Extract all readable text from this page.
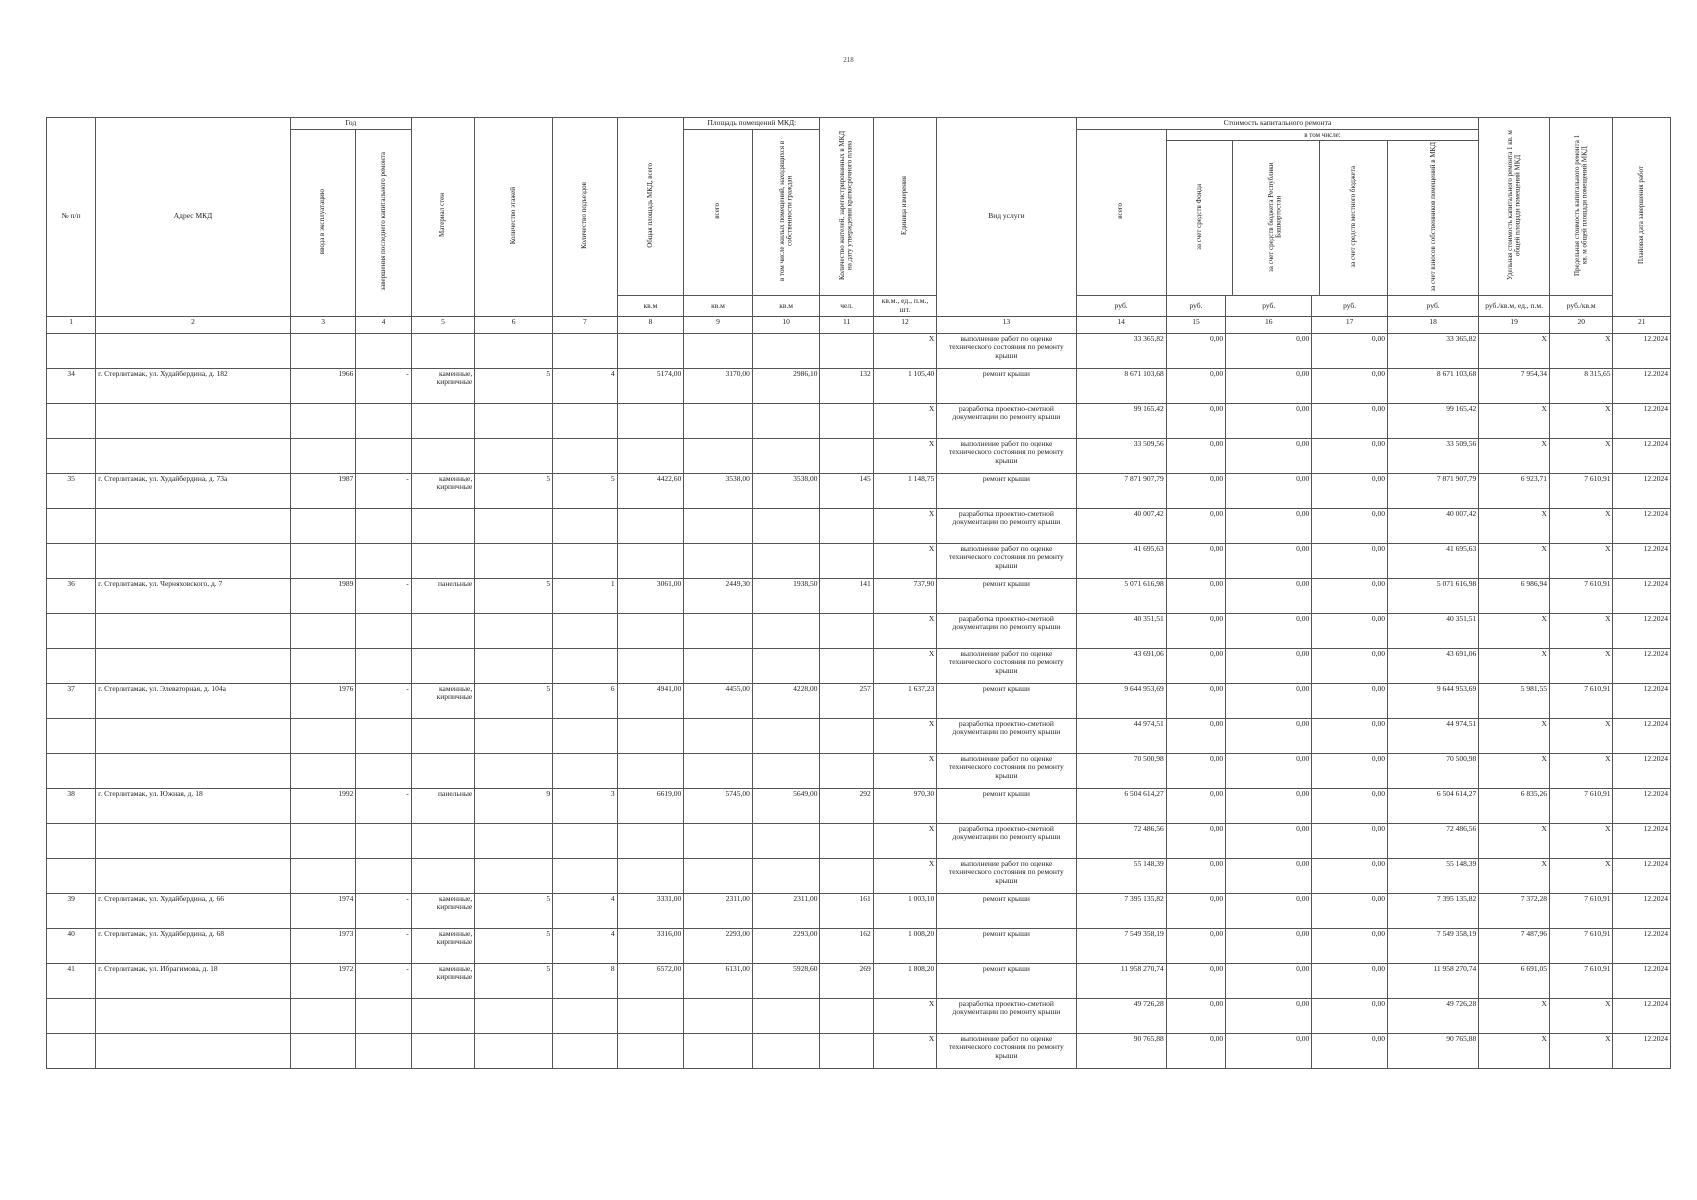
218
№ п/п	Адрес МКД	Год	Материал стен	Количество этажей	Количество подъездов	Общая площадь МКД, всего	Площадь помещений МКД:	Количество жителей, зарегистрированных в МКД на дату утверждения краткосрочного плана	Единица измерения	Вид услуги	Стоимость капитального ремонта	Удельная стоимость капитального ремонта 1 кв. м общей площади помещений МКД	Предельная стоимость капитального ремонта 1 кв. м общей площади помещений МКД	Плановая дата завершения работ
ввода в эксплуатацию	завершения последнего капитального ремонта	всего	в том числе жилых помещений, находящихся в собственности граждан	всего	
в том числе:
за счет средств Фонда	за счет средств бюджета Республики Башкортостан	за счет средств местного бюджета	за счет взносов собственников помещений в МКД

кв.м	кв.м	кв.м	чел.	кв.м., ед., п.м., шт.	руб.	руб.	руб.	руб.	руб.	руб./кв.м, ед., п.м.	руб./кв.м
1	2	3	4	5	6	7	8	9	10	11	12	13	14	15	16	17	18	19	20	21
											X	выполнение работ по оценке технического состояния по ремонту крыши	33 365,82	0,00	0,00	0,00	33 365,82	X	X	12.2024
34	г. Стерлитамак, ул. Худайбердина, д. 182	1966	-	каменные, кирпичные	5	4	5174,00	3170,00	2986,10	132	1 105,40	ремонт крыши	8 671 103,68	0,00	0,00	0,00	8 671 103,68	7 954,34	8 315,65	12.2024
											X	разработка проектно-сметной документации по ремонту крыши	99 165,42	0,00	0,00	0,00	99 165,42	X	X	12.2024
											X	выполнение работ по оценке технического состояния по ремонту крыши	33 509,56	0,00	0,00	0,00	33 509,56	X	X	12.2024
35	г. Стерлитамак, ул. Худайбердина, д. 73а	1987	-	каменные, кирпичные	5	5	4422,60	3538,00	3538,00	145	1 148,75	ремонт крыши	7 871 907,79	0,00	0,00	0,00	7 871 907,79	6 923,71	7 610,91	12.2024
											X	разработка проектно-сметной документации по ремонту крыши	40 007,42	0,00	0,00	0,00	40 007,42	X	X	12.2024
											X	выполнение работ по оценке технического состояния по ремонту крыши	41 695,63	0,00	0,00	0,00	41 695,63	X	X	12.2024
36	г. Стерлитамак, ул. Черняховского, д. 7	1989	-	панельные	5	1	3061,00	2449,30	1938,50	141	737,90	ремонт крыши	5 071 616,98	0,00	0,00	0,00	5 071 616,98	6 986,94	7 610,91	12.2024
											X	разработка проектно-сметной документации по ремонту крыши	40 351,51	0,00	0,00	0,00	40 351,51	X	X	12.2024
											X	выполнение работ по оценке технического состояния по ремонту крыши	43 691,06	0,00	0,00	0,00	43 691,06	X	X	12.2024
37	г. Стерлитамак, ул. Элеваторная, д. 104а	1976	-	каменные, кирпичные	5	6	4941,00	4455,00	4228,00	257	1 637,23	ремонт крыши	9 644 953,69	0,00	0,00	0,00	9 644 953,69	5 981,55	7 610,91	12.2024
											X	разработка проектно-сметной документации по ремонту крыши	44 974,51	0,00	0,00	0,00	44 974,51	X	X	12.2024
											X	выполнение работ по оценке технического состояния по ремонту крыши	70 500,98	0,00	0,00	0,00	70 500,98	X	X	12.2024
38	г. Стерлитамак, ул. Южная, д. 18	1992	-	панельные	9	3	6619,00	5745,00	5649,00	292	970,30	ремонт крыши	6 504 614,27	0,00	0,00	0,00	6 504 614,27	6 835,26	7 610,91	12.2024
											X	разработка проектно-сметной документации по ремонту крыши	72 486,56	0,00	0,00	0,00	72 486,56	X	X	12.2024
											X	выполнение работ по оценке технического состояния по ремонту крыши	55 148,39	0,00	0,00	0,00	55 148,39	X	X	12.2024
39	г. Стерлитамак, ул. Худайбердина, д. 66	1974	-	каменные, кирпичные	5	4	3331,00	2311,00	2311,00	161	1 003,10	ремонт крыши	7 395 135,82	0,00	0,00	0,00	7 395 135,82	7 372,28	7 610,91	12.2024
40	г. Стерлитамак, ул. Худайбердина, д. 68	1973	-	каменные, кирпичные	5	4	3316,00	2293,00	2293,00	162	1 008,20	ремонт крыши	7 549 358,19	0,00	0,00	0,00	7 549 358,19	7 487,96	7 610,91	12.2024
41	г. Стерлитамак, ул. Ибрагимова, д. 18	1972	-	каменные, кирпичные	5	8	6572,00	6131,00	5928,60	269	1 808,20	ремонт крыши	11 958 270,74	0,00	0,00	0,00	11 958 270,74	6 691,05	7 610,91	12.2024
											X	разработка проектно-сметной документации по ремонту крыши	49 726,28	0,00	0,00	0,00	49 726,28	X	X	12.2024
											X	выполнение работ по оценке технического состояния по ремонту крыши	90 765,88	0,00	0,00	0,00	90 765,88	X	X	12.2024
